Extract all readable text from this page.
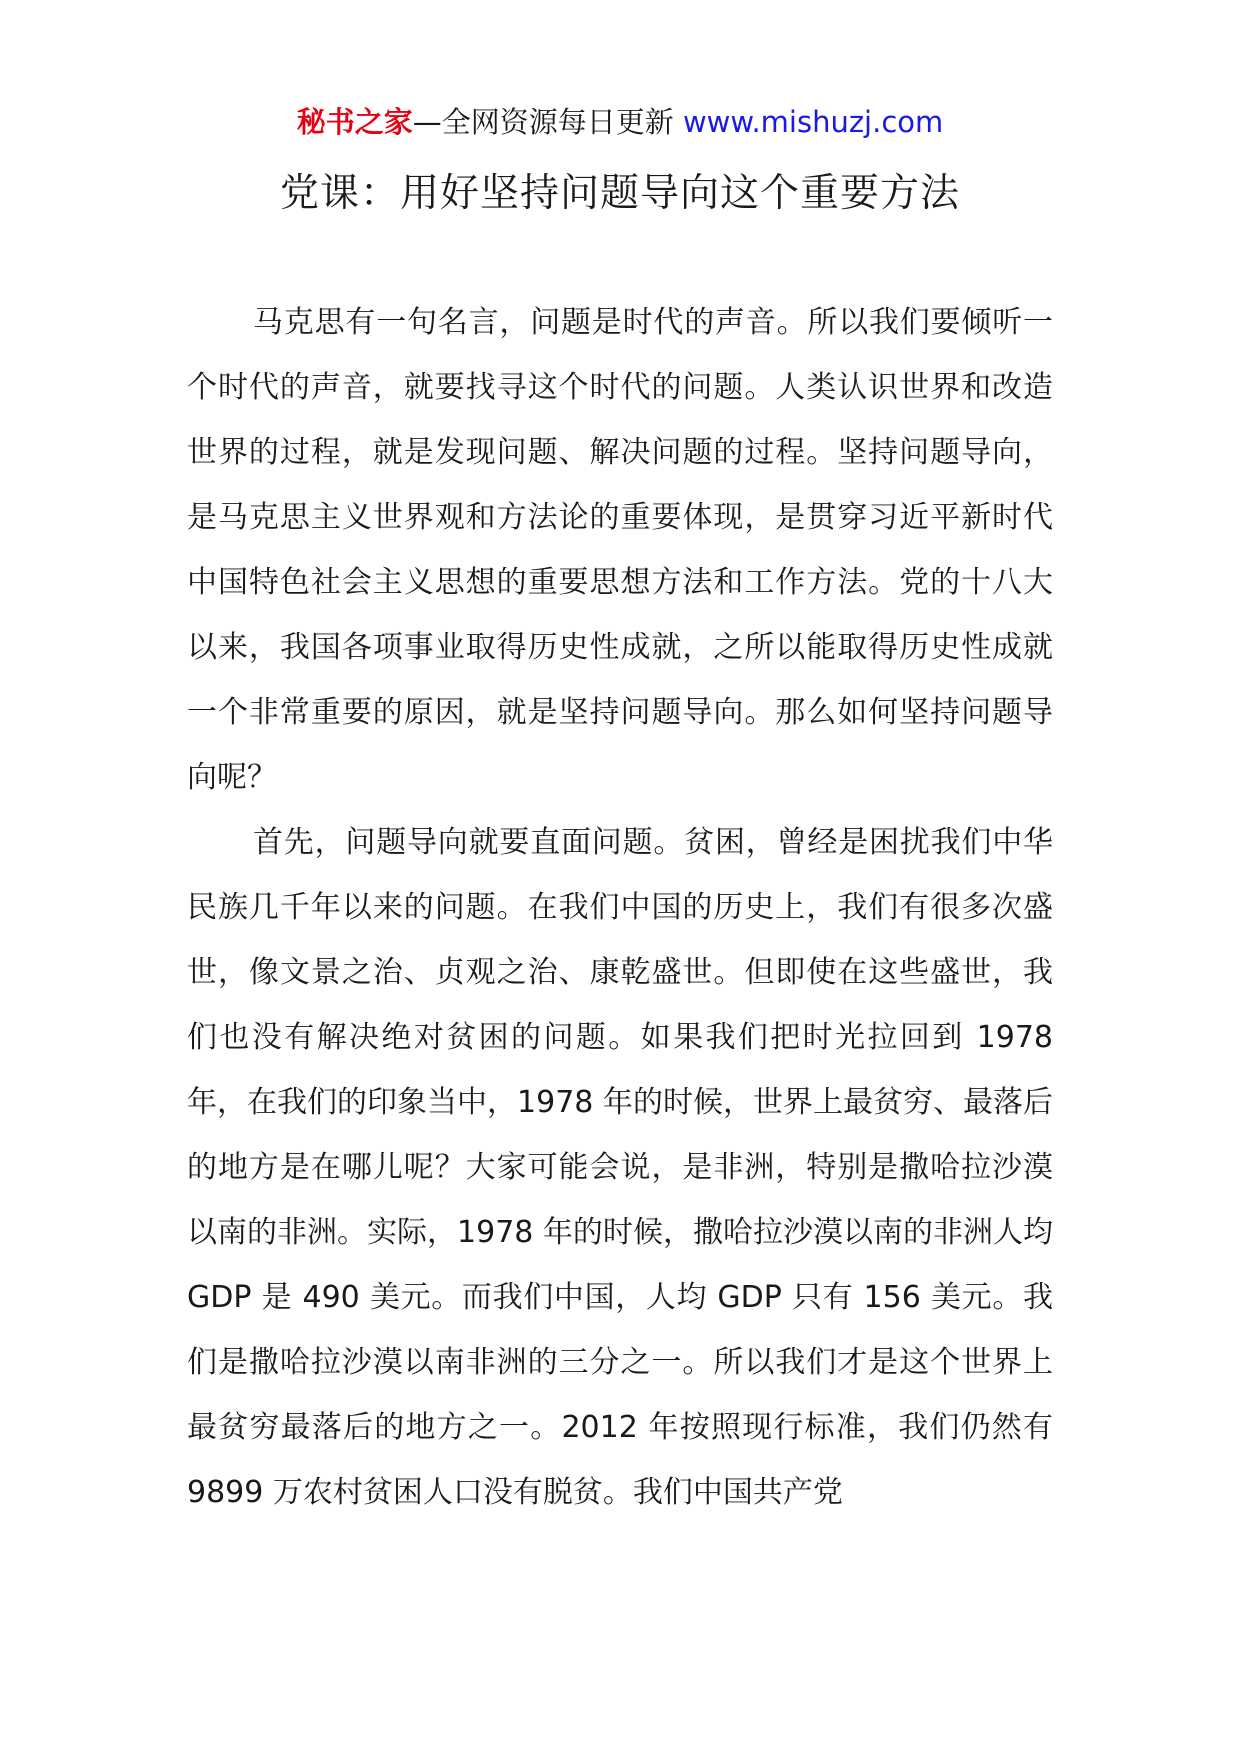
秘书之家—全网资源每日更新 www.mishuzj.com
党课：用好坚持问题导向这个重要方法

马克思有一句名言，问题是时代的声音。所以我们要倾听一个时代的声音，就要找寻这个时代的问题。人类认识世界和改造世界的过程，就是发现问题、解决问题的过程。坚持问题导向，是马克思主义世界观和方法论的重要体现，是贯穿习近平新时代中国特色社会主义思想的重要思想方法和工作方法。党的十八大以来，我国各项事业取得历史性成就，之所以能取得历史性成就一个非常重要的原因，就是坚持问题导向。那么如何坚持问题导向呢？

首先，问题导向就要直面问题。贫困，曾经是困扰我们中华民族几千年以来的问题。在我们中国的历史上，我们有很多次盛世，像文景之治、贞观之治、康乾盛世。但即使在这些盛世，我们也没有解决绝对贫困的问题。如果我们把时光拉回到 1978 年，在我们的印象当中，1978 年的时候，世界上最贫穷、最落后的地方是在哪儿呢？大家可能会说，是非洲，特别是撒哈拉沙漠以南的非洲。实际，1978 年的时候，撒哈拉沙漠以南的非洲人均 GDP 是 490 美元。而我们中国，人均 GDP 只有 156 美元。我们是撒哈拉沙漠以南非洲的三分之一。所以我们才是这个世界上最贫穷最落后的地方之一。2012 年按照现行标准，我们仍然有 9899 万农村贫困人口没有脱贫。我们中国共产党
